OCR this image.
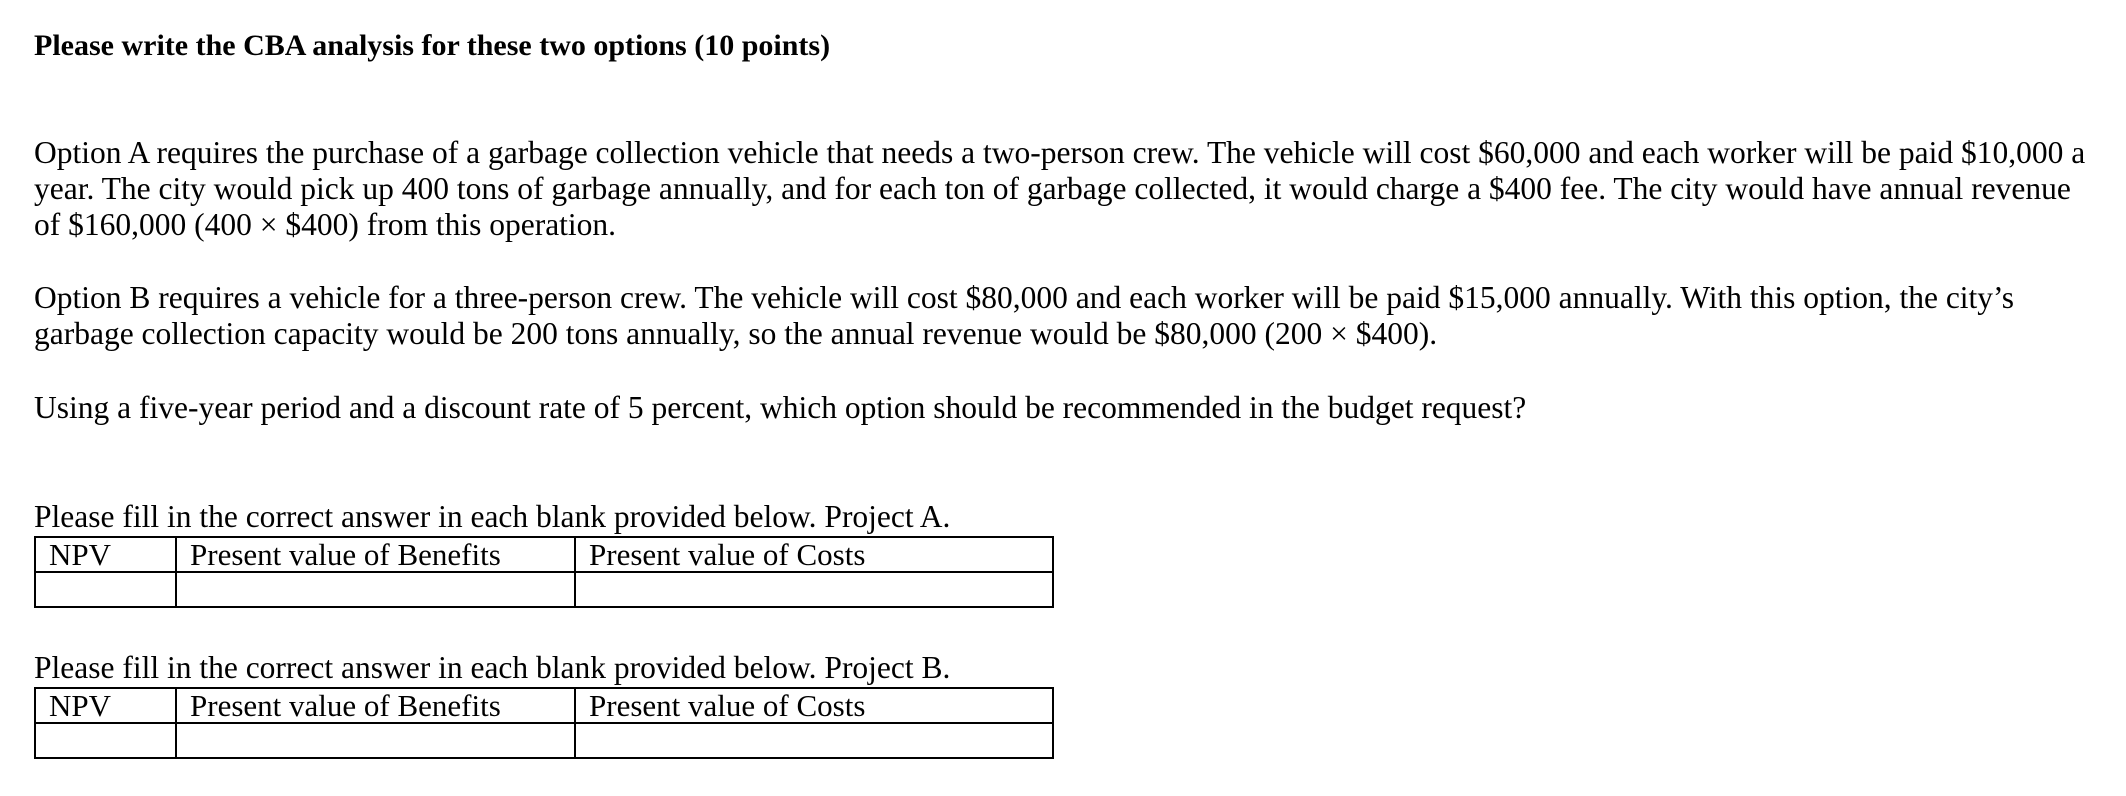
Please write the CBA analysis for these two options (10 points)

Option A requires the purchase of a garbage collection vehicle that needs a two-person crew. The vehicle will cost $60,000 and each worker will be paid $10,000 a year. The city would pick up 400 tons of garbage annually, and for each ton of garbage collected, it would charge a $400 fee. The city would have annual revenue of $160,000 (400 × $400) from this operation.

Option B requires a vehicle for a three-person crew. The vehicle will cost $80,000 and each worker will be paid $15,000 annually. With this option, the city’s garbage collection capacity would be 200 tons annually, so the annual revenue would be $80,000 (200 × $400).

Using a five-year period and a discount rate of 5 percent, which option should be recommended in the budget request?

Please fill in the correct answer in each blank provided below. Project A.
NPV	Present value of Benefits	Present value of Costs

Please fill in the correct answer in each blank provided below. Project B.
NPV	Present value of Benefits	Present value of Costs
